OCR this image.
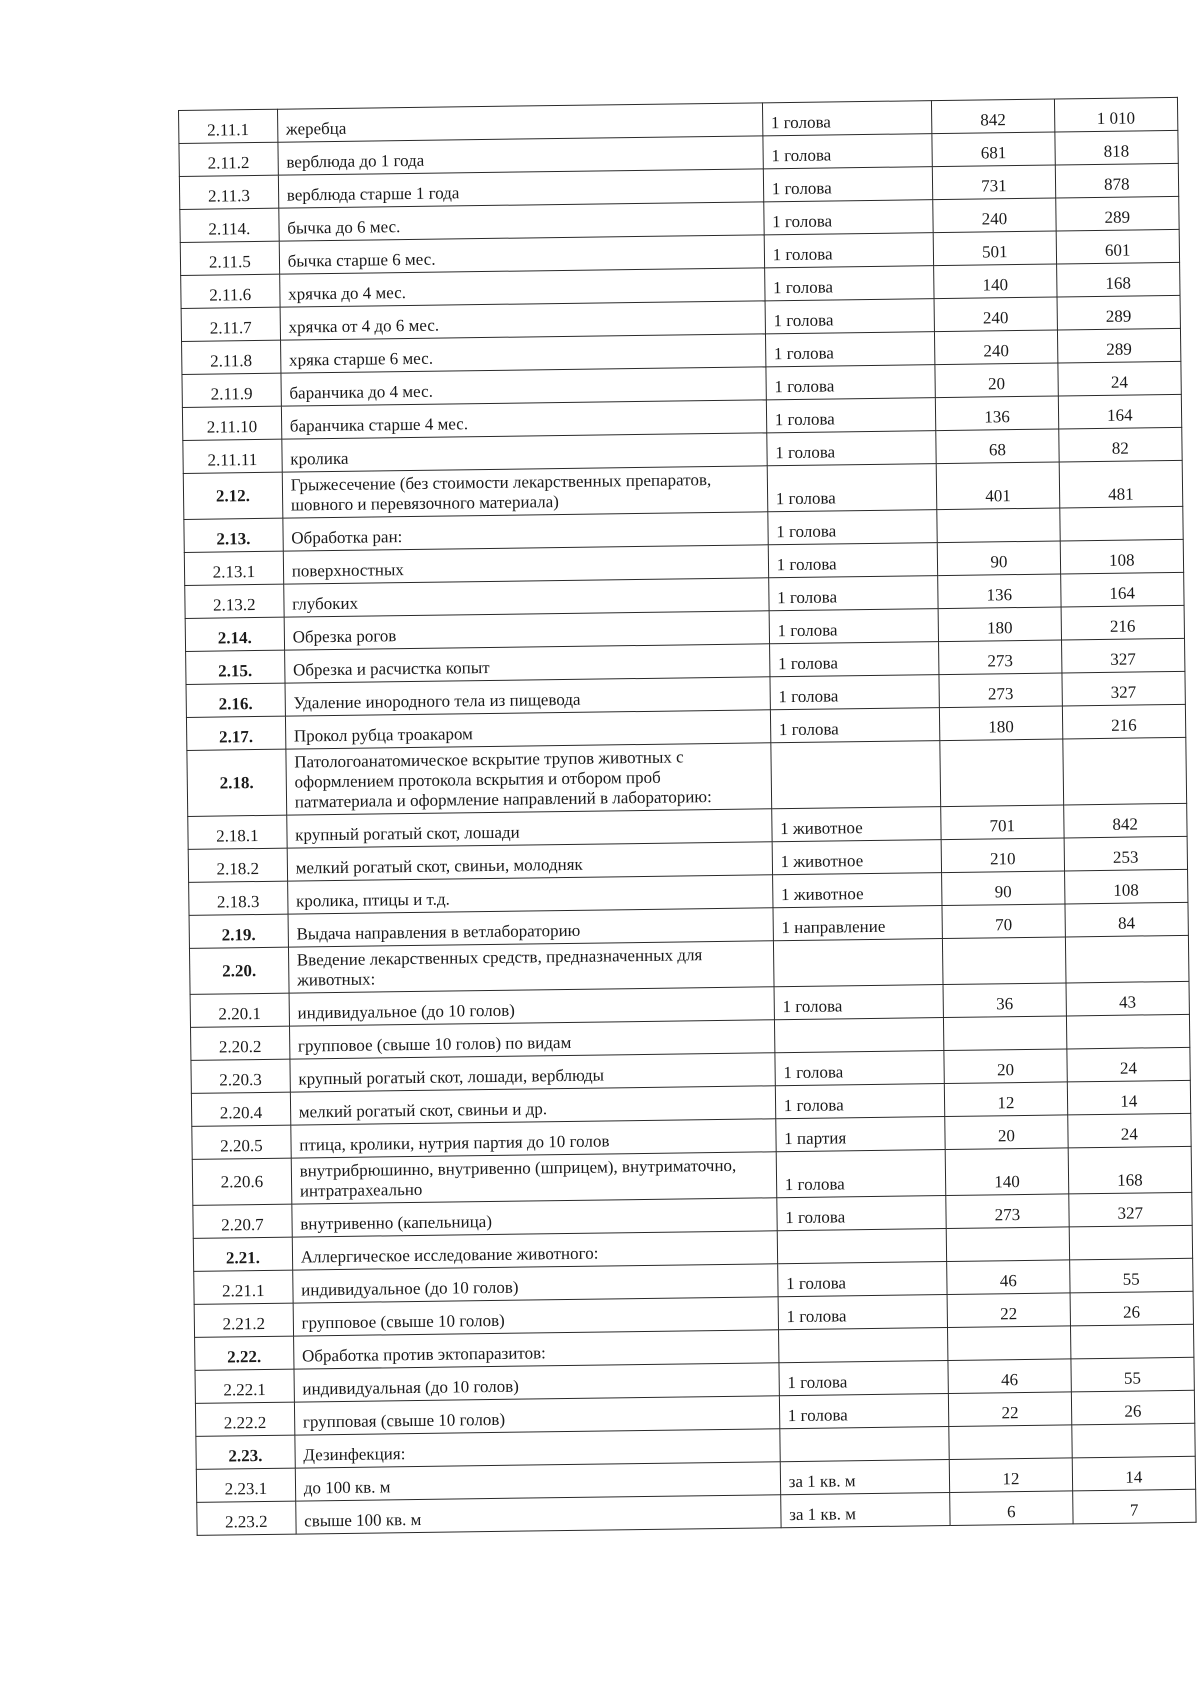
2.11.1	жеребца	1 голова	842	1 010
2.11.2	верблюда до 1 года	1 голова	681	818
2.11.3	верблюда старше 1 года	1 голова	731	878
2.114.	бычка до 6 мес.	1 голова	240	289
2.11.5	бычка старше 6 мес.	1 голова	501	601
2.11.6	хрячка до 4 мес.	1 голова	140	168
2.11.7	хрячка от 4 до 6 мес.	1 голова	240	289
2.11.8	хряка старше 6 мес.	1 голова	240	289
2.11.9	баранчика до 4 мес.	1 голова	20	24
2.11.10	баранчика старше 4 мес.	1 голова	136	164
2.11.11	кролика	1 голова	68	82
2.12.	Грыжесечение (без стоимости лекарственных препаратов, шовного и перевязочного материала)	1 голова	401	481
2.13.	Обработка ран:	1 голова		
2.13.1	поверхностных	1 голова	90	108
2.13.2	глубоких	1 голова	136	164
2.14.	Обрезка рогов	1 голова	180	216
2.15.	Обрезка и расчистка копыт	1 голова	273	327
2.16.	Удаление инородного тела из пищевода	1 голова	273	327
2.17.	Прокол рубца троакаром	1 голова	180	216
2.18.	Патологоанатомическое вскрытие трупов животных с оформлением протокола вскрытия и отбором проб патматериала и оформление направлений в лабораторию:			
2.18.1	крупный рогатый скот, лошади	1 животное	701	842
2.18.2	мелкий рогатый скот, свиньи, молодняк	1 животное	210	253
2.18.3	кролика, птицы и т.д.	1 животное	90	108
2.19.	Выдача направления в ветлабораторию	1 направление	70	84
2.20.	Введение лекарственных средств, предназначенных для животных:			
2.20.1	индивидуальное (до 10 голов)	1 голова	36	43
2.20.2	групповое (свыше 10 голов) по видам			
2.20.3	крупный рогатый скот, лошади, верблюды	1 голова	20	24
2.20.4	мелкий рогатый скот, свиньи и др.	1 голова	12	14
2.20.5	птица, кролики, нутрия партия до 10 голов	1 партия	20	24
2.20.6	внутрибрюшинно, внутривенно (шприцем), внутриматочно, интратрахеально	1 голова	140	168
2.20.7	внутривенно (капельница)	1 голова	273	327
2.21.	Аллергическое исследование животного:			
2.21.1	индивидуальное (до 10 голов)	1 голова	46	55
2.21.2	групповое (свыше 10 голов)	1 голова	22	26
2.22.	Обработка против эктопаразитов:			
2.22.1	индивидуальная (до 10 голов)	1 голова	46	55
2.22.2	групповая (свыше 10 голов)	1 голова	22	26
2.23.	Дезинфекция:			
2.23.1	до 100 кв. м	за 1 кв. м	12	14
2.23.2	свыше 100 кв. м	за 1 кв. м	6	7
